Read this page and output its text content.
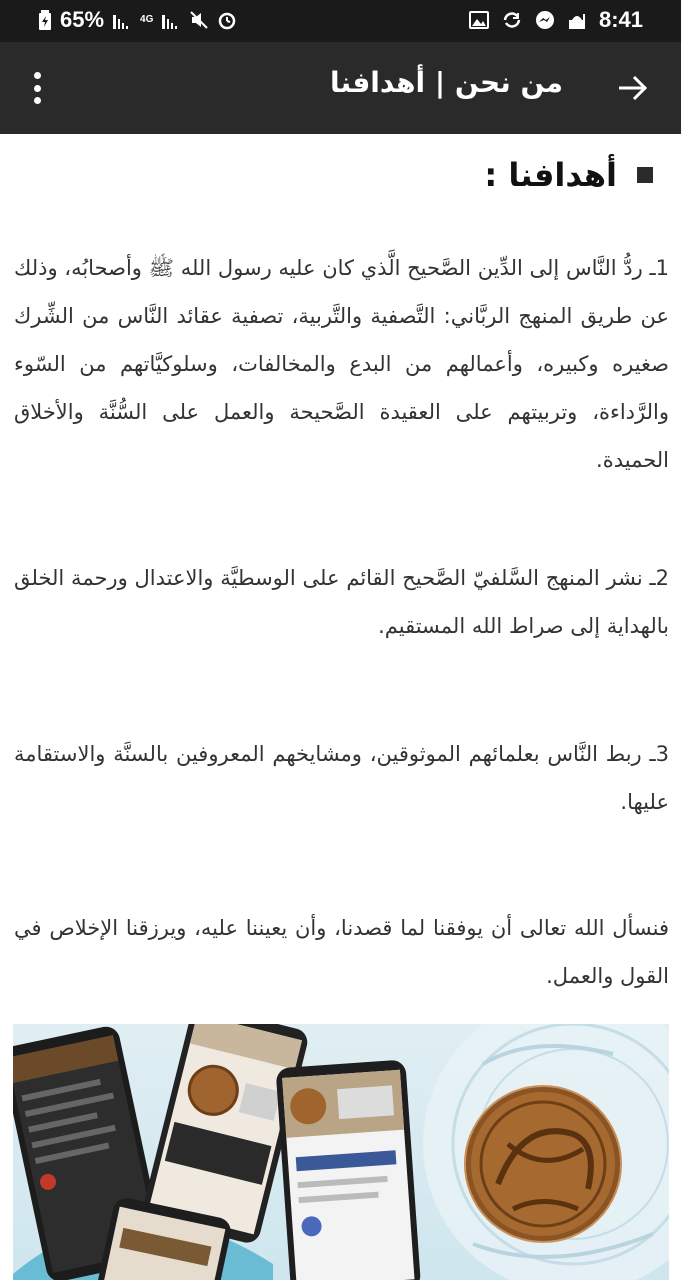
65%	4G	8:41
من نحن | أهدافنا
أهدافنا :
1ـ ردُّ النَّاس إلى الدِّين الصَّحيح الَّذي كان عليه رسول الله ﷺ وأصحابُه، وذلك عن طريق المنهج الربَّاني: التَّصفية والتَّربية، تصفية عقائد النَّاس من الشِّرك صغيره وكبيره، وأعمالهم من البدع والمخالفات، وسلوكيَّاتهم من السّوء والرَّداءة، وتربيتهم على العقيدة الصَّحيحة والعمل على السُّنَّة والأخلاق الحميدة.
2ـ نشر المنهج السَّلفيّ الصَّحيح القائم على الوسطيَّة والاعتدال ورحمة الخلق بالهداية إلى صراط الله المستقيم.
3ـ ربط النَّاس بعلمائهم الموثوقين، ومشايخهم المعروفين بالسنَّة والاستقامة عليها.
فنسأل الله تعالى أن يوفقنا لما قصدنا، وأن يعيننا عليه، ويرزقنا الإخلاص في القول والعمل.
